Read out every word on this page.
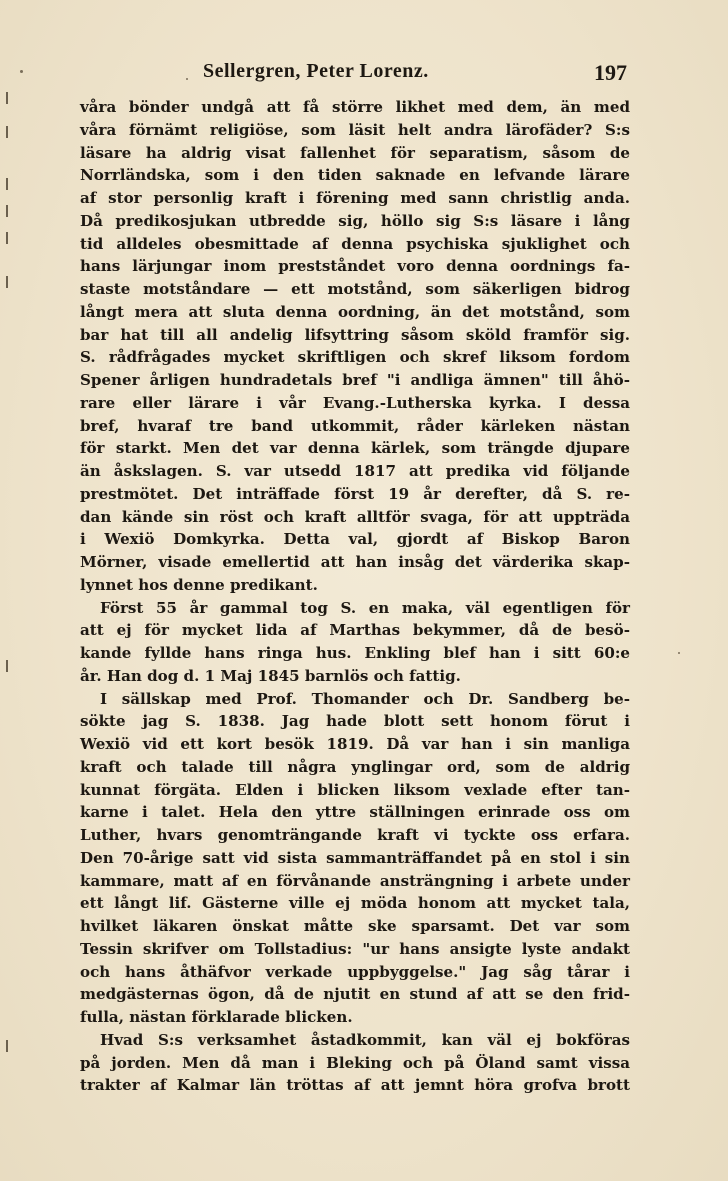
Sellergren, Peter Lorenz.	197
våra bönder undgå att få större likhet med dem, än med
våra förnämt religiöse, som läsit helt andra lärofäder? S:s
läsare ha aldrig visat fallenhet för separatism, såsom de
Norrländska, som i den tiden saknade en lefvande lärare
af stor personlig kraft i förening med sann christlig anda.
Då predikosjukan utbredde sig, höllo sig S:s läsare i lång
tid alldeles obesmittade af denna psychiska sjuklighet och
hans lärjungar inom prestståndet voro denna oordnings fa-
staste motståndare — ett motstånd, som säkerligen bidrog
långt mera att sluta denna oordning, än det motstånd, som
bar hat till all andelig lifsyttring såsom sköld framför sig.
S. rådfrågades mycket skriftligen och skref liksom fordom
Spener årligen hundradetals bref "i andliga ämnen" till åhö-
rare eller lärare i vår Evang.-Lutherska kyrka. I dessa
bref, hvaraf tre band utkommit, råder kärleken nästan
för starkt. Men det var denna kärlek, som trängde djupare
än åskslagen. S. var utsedd 1817 att predika vid följande
prestmötet. Det inträffade först 19 år derefter, då S. re-
dan kände sin röst och kraft alltför svaga, för att uppträda
i Wexiö Domkyrka. Detta val, gjordt af Biskop Baron
Mörner, visade emellertid att han insåg det värderika skap-
lynnet hos denne predikant.
Först 55 år gammal tog S. en maka, väl egentligen för
att ej för mycket lida af Marthas bekymmer, då de besö-
kande fyllde hans ringa hus. Enkling blef han i sitt 60:e
år. Han dog d. 1 Maj 1845 barnlös och fattig.
I sällskap med Prof. Thomander och Dr. Sandberg be-
sökte jag S. 1838. Jag hade blott sett honom förut i
Wexiö vid ett kort besök 1819. Då var han i sin manliga
kraft och talade till några ynglingar ord, som de aldrig
kunnat förgäta. Elden i blicken liksom vexlade efter tan-
karne i talet. Hela den yttre ställningen erinrade oss om
Luther, hvars genomträngande kraft vi tyckte oss erfara.
Den 70-årige satt vid sista sammanträffandet på en stol i sin
kammare, matt af en förvånande ansträngning i arbete under
ett långt lif. Gästerne ville ej möda honom att mycket tala,
hvilket läkaren önskat måtte ske sparsamt. Det var som
Tessin skrifver om Tollstadius: "ur hans ansigte lyste andakt
och hans åthäfvor verkade uppbyggelse." Jag såg tårar i
medgästernas ögon, då de njutit en stund af att se den frid-
fulla, nästan förklarade blicken.
Hvad S:s verksamhet åstadkommit, kan väl ej bokföras
på jorden. Men då man i Bleking och på Öland samt vissa
trakter af Kalmar län tröttas af att jemnt höra grofva brott
